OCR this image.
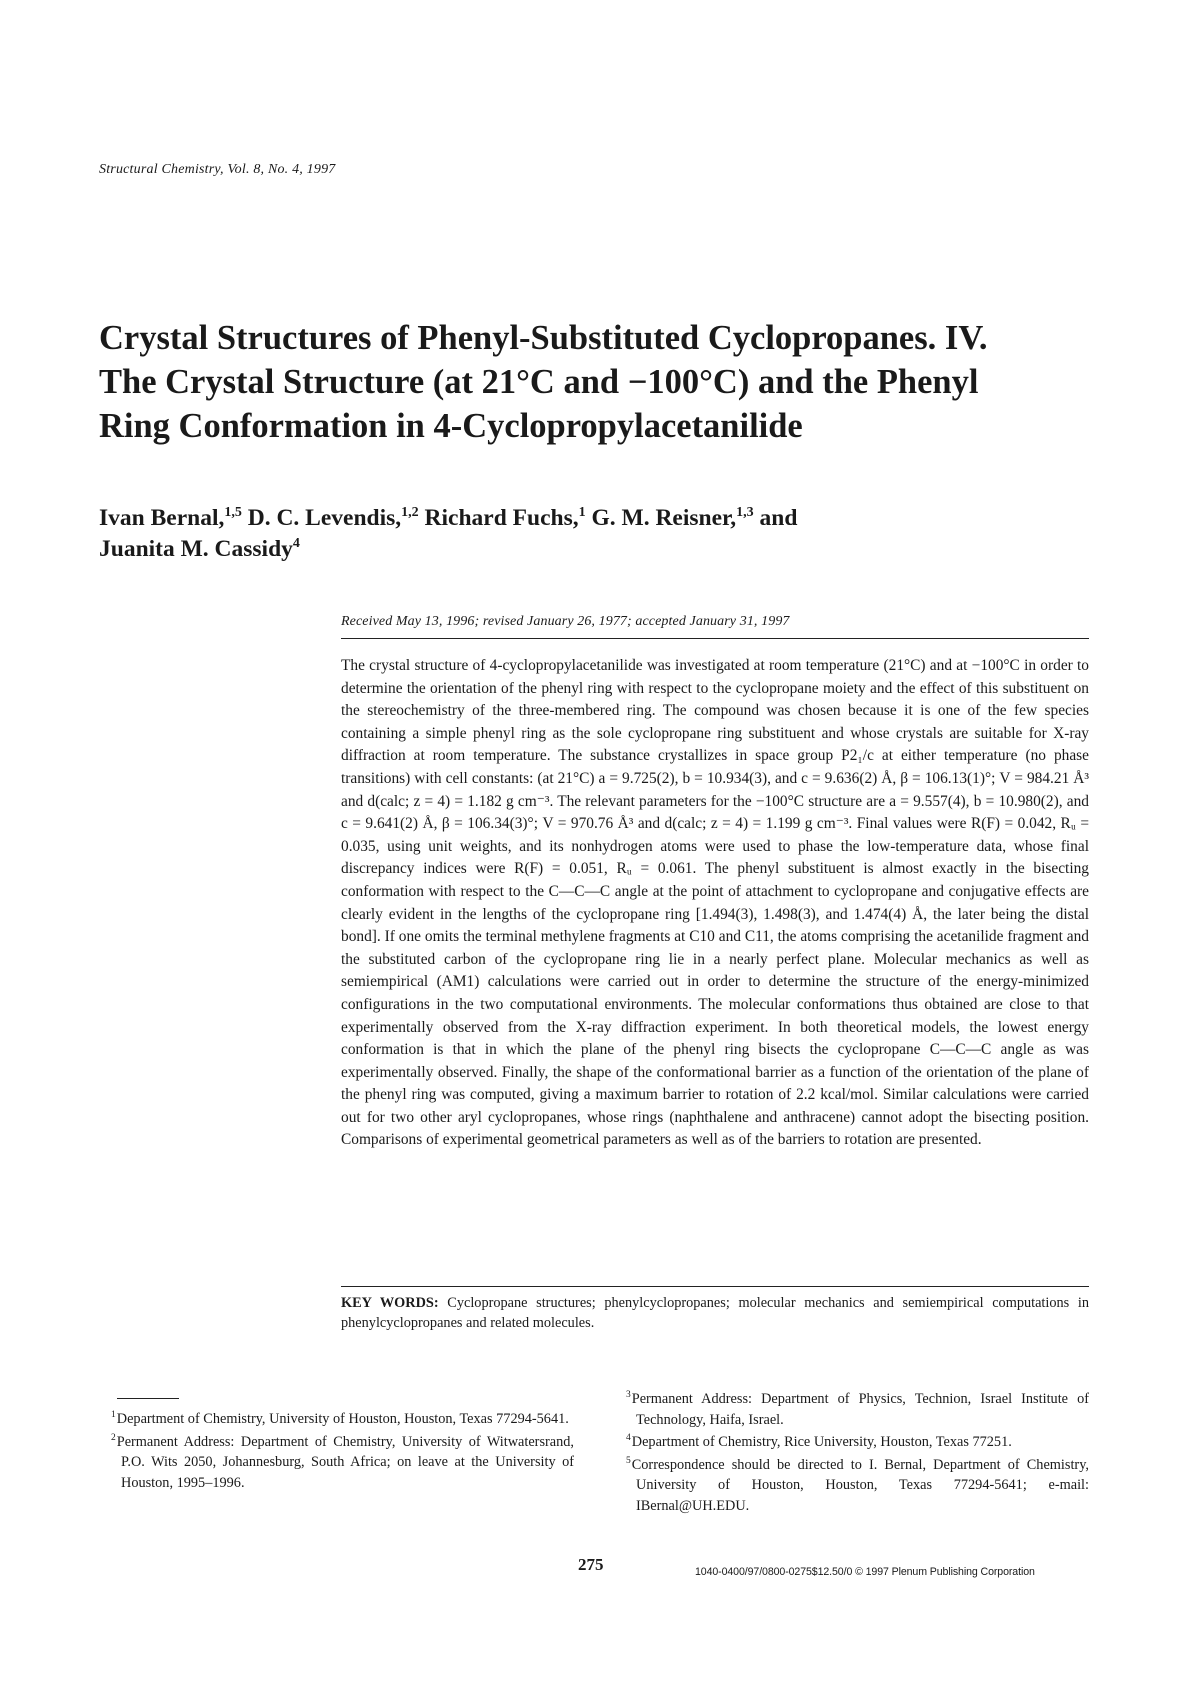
Structural Chemistry, Vol. 8, No. 4, 1997
Crystal Structures of Phenyl-Substituted Cyclopropanes. IV.
The Crystal Structure (at 21°C and −100°C) and the Phenyl
Ring Conformation in 4-Cyclopropylacetanilide
Ivan Bernal,$^{1,5}$ D. C. Levendis,$^{1,2}$ Richard Fuchs,$^1$ G. M. Reisner,$^{1,3}$ and
Juanita M. Cassidy$^4$
Received May 13, 1996; revised January 26, 1977; accepted January 31, 1997

The crystal structure of 4-cyclopropylacetanilide was investigated at room temperature (21°C) and at −100°C in order to determine the orientation of the phenyl ring with respect to the cyclopropane moiety and the effect of this substituent on the stereochemistry of the three-membered ring. The compound was chosen because it is one of the few species containing a simple phenyl ring as the sole cyclopropane ring substituent and whose crystals are suitable for X-ray diffraction at room temperature. The substance crystallizes in space group P2₁/c at either temperature (no phase transitions) with cell constants: (at 21°C) a = 9.725(2), b = 10.934(3), and c = 9.636(2) Å, β = 106.13(1)°; V = 984.21 Å³ and d(calc; z = 4) = 1.182 g cm⁻³. The relevant parameters for the −100°C structure are a = 9.557(4), b = 10.980(2), and c = 9.641(2) Å, β = 106.34(3)°; V = 970.76 Å³ and d(calc; z = 4) = 1.199 g cm⁻³. Final values were R(F) = 0.042, Rᵤ = 0.035, using unit weights, and its nonhydrogen atoms were used to phase the low-temperature data, whose final discrepancy indices were R(F) = 0.051, Rᵤ = 0.061. The phenyl substituent is almost exactly in the bisecting conformation with respect to the C—C—C angle at the point of attachment to cyclopropane and conjugative effects are clearly evident in the lengths of the cyclopropane ring [1.494(3), 1.498(3), and 1.474(4) Å, the later being the distal bond]. If one omits the terminal methylene fragments at C10 and C11, the atoms comprising the acetanilide fragment and the substituted carbon of the cyclopropane ring lie in a nearly perfect plane. Molecular mechanics as well as semiempirical (AM1) calculations were carried out in order to determine the structure of the energy-minimized configurations in the two computational environments. The molecular conformations thus obtained are close to that experimentally observed from the X-ray diffraction experiment. In both theoretical models, the lowest energy conformation is that in which the plane of the phenyl ring bisects the cyclopropane C—C—C angle as was experimentally observed. Finally, the shape of the conformational barrier as a function of the orientation of the plane of the phenyl ring was computed, giving a maximum barrier to rotation of 2.2 kcal/mol. Similar calculations were carried out for two other aryl cyclopropanes, whose rings (naphthalene and anthracene) cannot adopt the bisecting position. Comparisons of experimental geometrical parameters as well as of the barriers to rotation are presented.

KEY WORDS: Cyclopropane structures; phenylcyclopropanes; molecular mechanics and semiempirical computations in phenylcyclopropanes and related molecules.

$^1$Department of Chemistry, University of Houston, Houston, Texas 77294-5641.

$^2$Permanent Address: Department of Chemistry, University of Witwatersrand, P.O. Wits 2050, Johannesburg, South Africa; on leave at the University of Houston, 1995–1996.

$^3$Permanent Address: Department of Physics, Technion, Israel Institute of Technology, Haifa, Israel.

$^4$Department of Chemistry, Rice University, Houston, Texas 77251.

$^5$Correspondence should be directed to I. Bernal, Department of Chemistry, University of Houston, Houston, Texas 77294-5641; e-mail: IBernal@UH.EDU.

275	1040-0400/97/0800-0275$12.50/0 © 1997 Plenum Publishing Corporation
